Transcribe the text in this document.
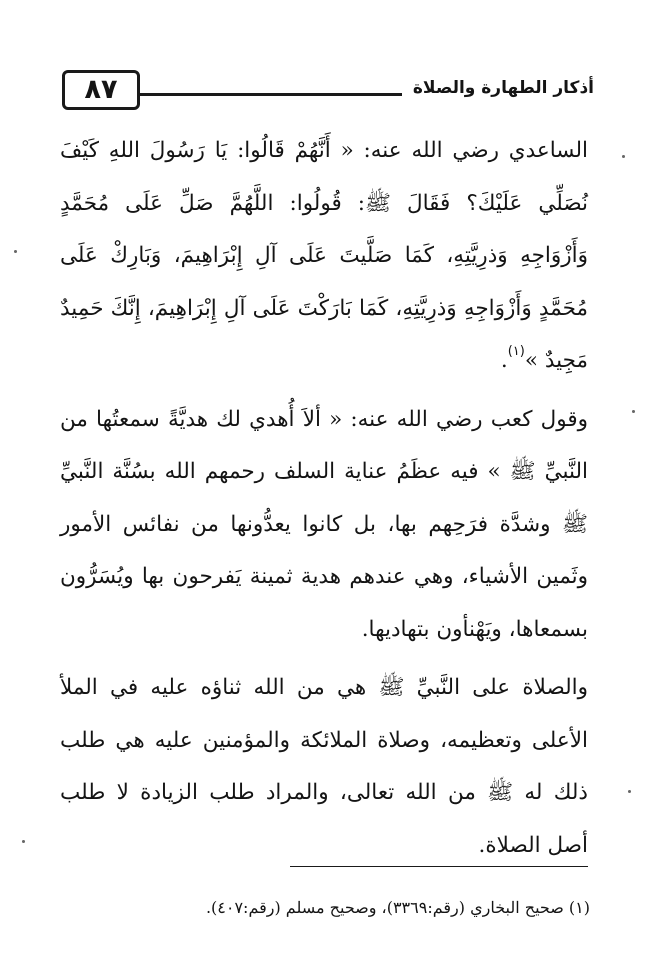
أذكار الطهارة والصلاة
٨٧

الساعدي رضي الله عنه: « أَنَّهُمْ قَالُوا: يَا رَسُولَ اللهِ كَيْفَ نُصَلِّي عَلَيْكَ؟ فَقَالَ ﷺ: قُولُوا: اللَّهُمَّ صَلِّ عَلَى مُحَمَّدٍ وَأَزْوَاجِهِ وَذرِيَّتِهِ، كَمَا صَلَّيتَ عَلَى آلِ إِبْرَاهِيمَ، وَبَارِكْ عَلَى مُحَمَّدٍ وَأَزْوَاجِهِ وَذرِيَّتِهِ، كَمَا بَارَكْتَ عَلَى آلِ إِبْرَاهِيمَ، إِنَّكَ حَمِيدٌ مَجِيدٌ »$^{(١)}$.

وقول كعب رضي الله عنه: « ألاَ أُهدي لك هديَّةً سمعتُها من النَّبيِّ ﷺ » فيه عظَمُ عناية السلف رحمهم الله بسُنَّة النَّبيِّ ﷺ وشدَّة فرَحِهم بها، بل كانوا يعدُّونها من نفائس الأمور وثَمين الأشياء، وهي عندهم هدية ثمينة يَفرحون بها ويُسَرُّون بسمعاها، ويَهْنأون بتهاديها.

والصلاة على النَّبيِّ ﷺ هي من الله ثناؤه عليه في الملأ الأعلى وتعظيمه، وصلاة الملائكة والمؤمنين عليه هي طلب ذلك له ﷺ من الله تعالى، والمراد طلب الزيادة لا طلب أصل الصلاة.

(١) صحيح البخاري (رقم:٣٣٦٩)، وصحيح مسلم (رقم:٤٠٧).
